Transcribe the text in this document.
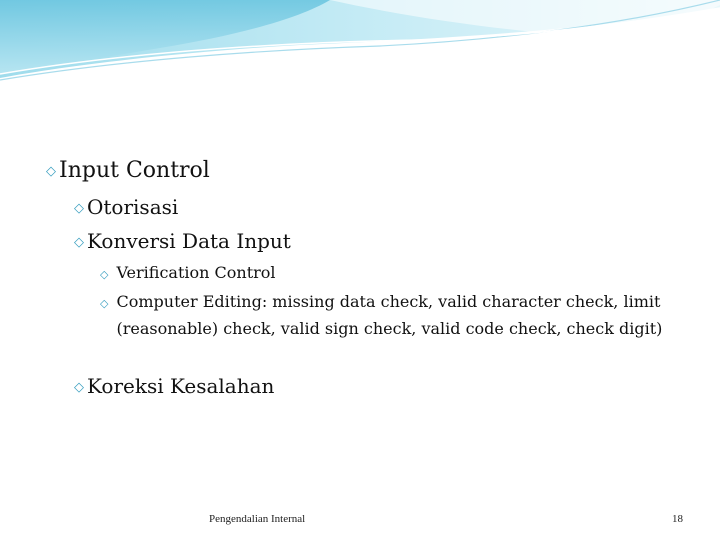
◇ Input Control
◇ Otorisasi
◇ Konversi Data Input
◇ Verification Control
◇ Computer Editing: missing data check, valid character check, limit (reasonable) check, valid sign check, valid code check, check digit)
◇ Koreksi Kesalahan
Pengendalian Internal	18
